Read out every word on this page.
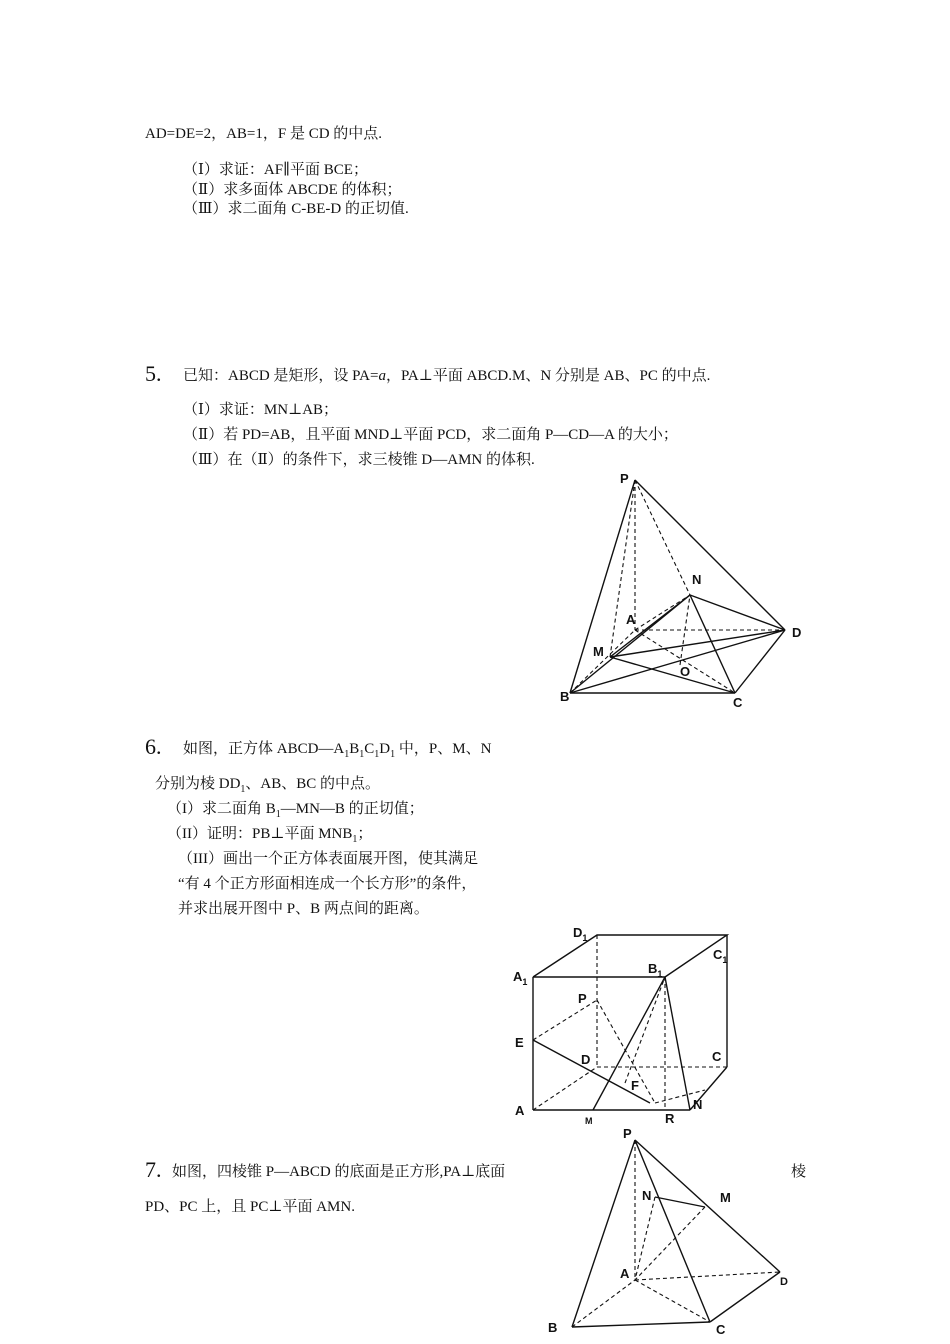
AD=DE=2，AB=1，F 是 CD 的中点.
（Ⅰ）求证：AF∥平面 BCE；
（Ⅱ）求多面体 ABCDE 的体积；
（Ⅲ）求二面角 C-BE-D 的正切值.
5. 已知：ABCD 是矩形，设 PA=a，PA⊥平面 ABCD.M、N 分别是 AB、PC 的中点.
（Ⅰ）求证：MN⊥AB；
（Ⅱ）若 PD=AB，且平面 MND⊥平面 PCD，求二面角 P—CD—A 的大小；
（Ⅲ）在（Ⅱ）的条件下，求三棱锥 D—AMN 的体积.
P
N
A
D
M
O
B	C
6. 如图，正方体 $ABCD—A_1B_1C_1D_1$ 中，P、M、N
分别为棱 $DD_1$、AB、BC 的中点。
（I）求二面角 $B_1—MN—B$ 的正切值；
（II）证明：PB⊥平面 $MNB_1$；
（III）画出一个正方体表面展开图，使其满足
“有 4 个正方形面相连成一个长方形”的条件，
并求出展开图中 P、B 两点间的距离。
$D_1$
$C_1$
$A_1$
$B_1$
P
E
D	C
F
A	N
R
M
7. 如图，四棱锥 P—ABCD 的底面是正方形,PA⊥底面	棱
PD、PC 上，且 PC⊥平面 AMN.
P
N	M
A
D
B	C
